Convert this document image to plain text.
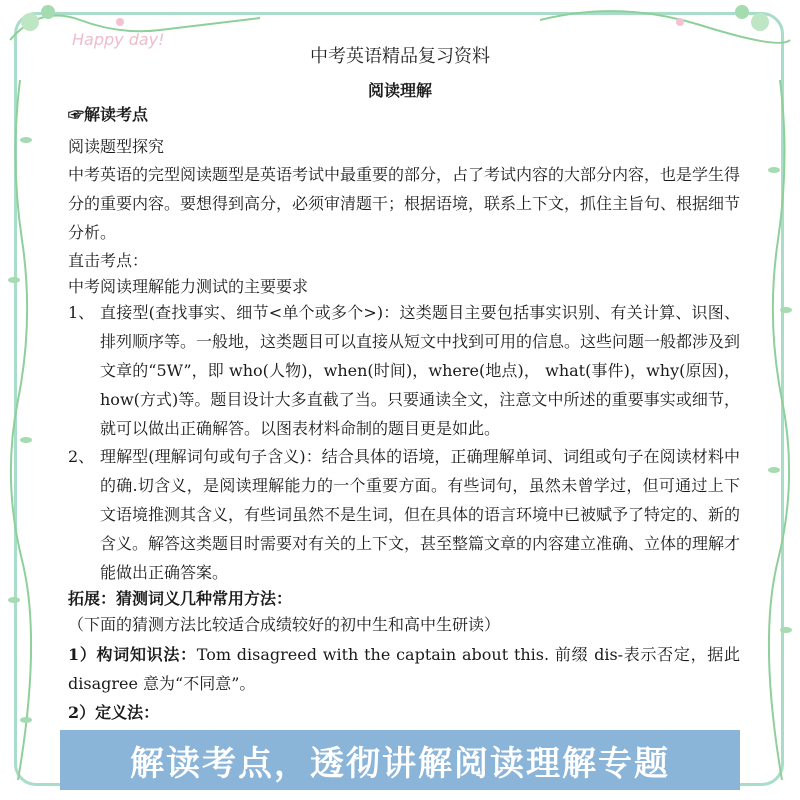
Happy day!
中考英语精品复习资料
阅读理解
☞解读考点
阅读题型探究
中考英语的完型阅读题型是英语考试中最重要的部分，占了考试内容的大部分内容，也是学生得分的重要内容。要想得到高分，必须审清题干；根据语境，联系上下文，抓住主旨句、根据细节分析。
直击考点：
中考阅读理解能力测试的主要要求
1、 直接型(查找事实、细节<单个或多个>)：这类题目主要包括事实识别、有关计算、识图、排列顺序等。一般地，这类题目可以直接从短文中找到可用的信息。这些问题一般都涉及到文章的“5W”，即 who(人物)，when(时间)，where(地点)， what(事件)，why(原因)，how(方式)等。题目设计大多直截了当。只要通读全文，注意文中所述的重要事实或细节，就可以做出正确解答。以图表材料命制的题目更是如此。
2、 理解型(理解词句或句子含义)：结合具体的语境，正确理解单词、词组或句子在阅读材料中的确.切含义，是阅读理解能力的一个重要方面。有些词句，虽然未曾学过，但可通过上下文语境推测其含义，有些词虽然不是生词，但在具体的语言环境中已被赋予了特定的、新的含义。解答这类题目时需要对有关的上下文，甚至整篇文章的内容建立准确、立体的理解才能做出正确答案。
拓展：猜测词义几种常用方法：
（下面的猜测方法比较适合成绩较好的初中生和高中生研读）
1）构词知识法：Tom disagreed with the captain about this. 前缀 dis-表示否定，据此 disagree 意为“不同意”。
2）定义法：
解读考点，透彻讲解阅读理解专题
